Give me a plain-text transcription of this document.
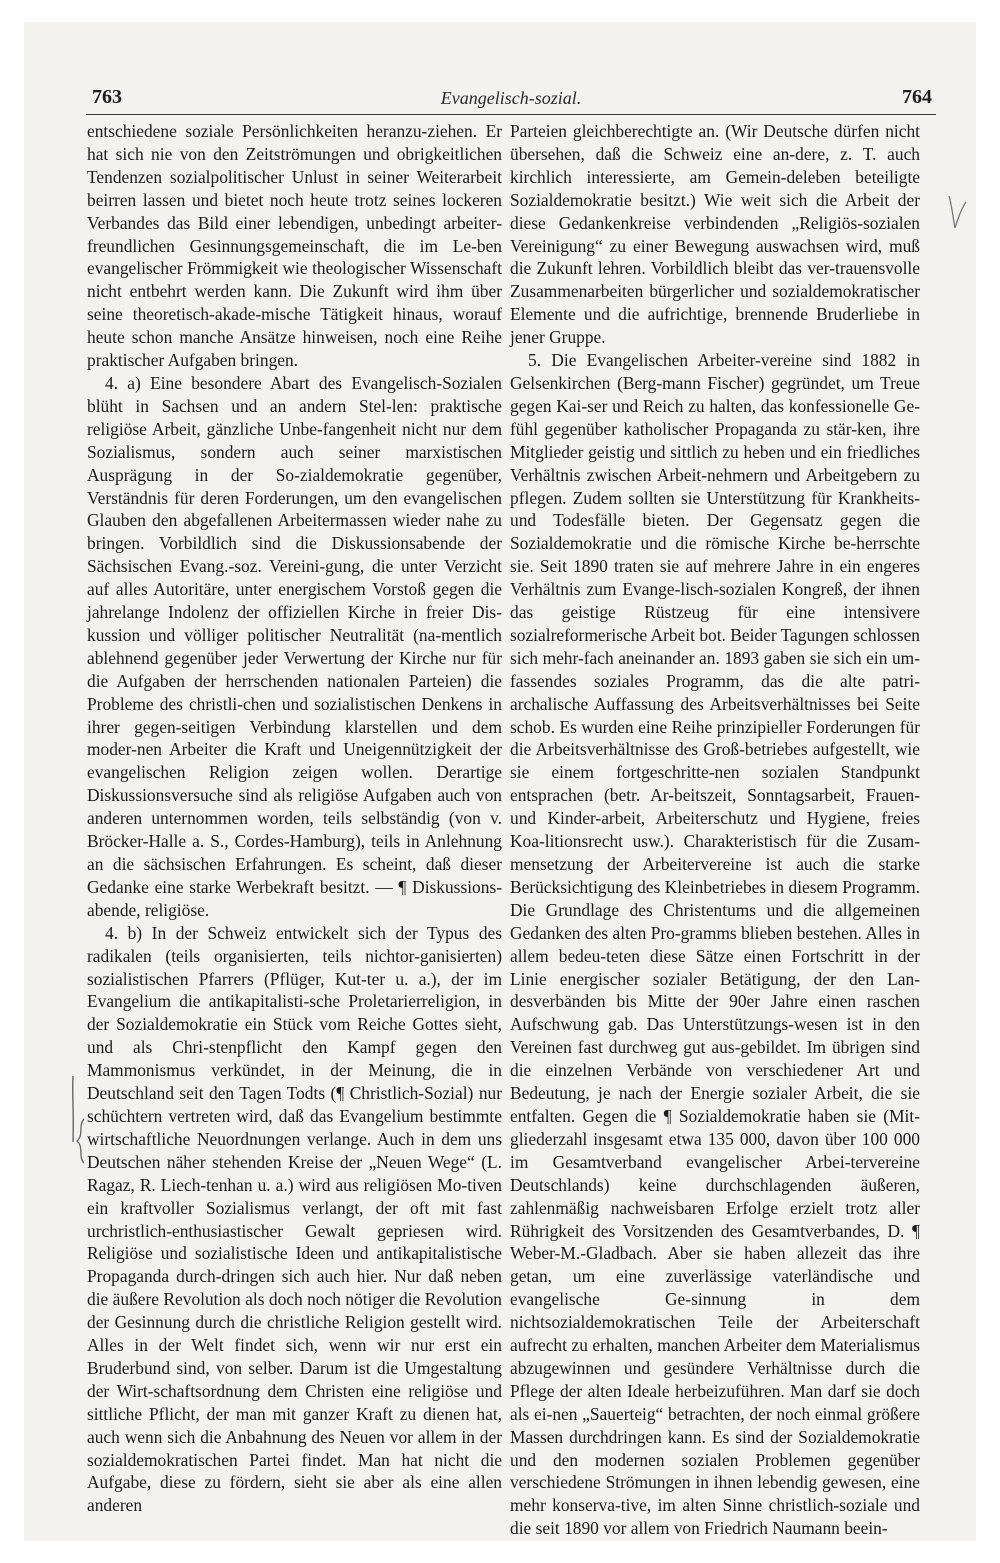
763	Evangelisch-sozial.	764

entschiedene soziale Persönlichkeiten heranzu-ziehen. Er hat sich nie von den Zeitströmungen und obrigkeitlichen Tendenzen sozialpolitischer Unlust in seiner Weiterarbeit beirren lassen und bietet noch heute trotz seines lockeren Verbandes das Bild einer lebendigen, unbedingt arbeiter-freundlichen Gesinnungsgemeinschaft, die im Le-ben evangelischer Frömmigkeit wie theologischer Wissenschaft nicht entbehrt werden kann. Die Zukunft wird ihm über seine theoretisch-akade-mische Tätigkeit hinaus, worauf heute schon manche Ansätze hinweisen, noch eine Reihe praktischer Aufgaben bringen.

4. a) Eine besondere Abart des Evangelisch-Sozialen blüht in Sachsen und an andern Stel-len: praktische religiöse Arbeit, gänzliche Unbe-fangenheit nicht nur dem Sozialismus, sondern auch seiner marxistischen Ausprägung in der So-zialdemokratie gegenüber, Verständnis für deren Forderungen, um den evangelischen Glauben den abgefallenen Arbeitermassen wieder nahe zu bringen. Vorbildlich sind die Diskussionsabende der Sächsischen Evang.-soz. Vereini-gung, die unter Verzicht auf alles Autoritäre, unter energischem Vorstoß gegen die jahrelange Indolenz der offiziellen Kirche in freier Dis-kussion und völliger politischer Neutralität (na-mentlich ablehnend gegenüber jeder Verwertung der Kirche nur für die Aufgaben der herrschenden nationalen Parteien) die Probleme des christli-chen und sozialistischen Denkens in ihrer gegen-seitigen Verbindung klarstellen und dem moder-nen Arbeiter die Kraft und Uneigennützigkeit der evangelischen Religion zeigen wollen. Derartige Diskussionsversuche sind als religiöse Aufgaben auch von anderen unternommen worden, teils selbständig (von v. Bröcker-Halle a. S., Cordes-Hamburg), teils in Anlehnung an die sächsischen Erfahrungen. Es scheint, daß dieser Gedanke eine starke Werbekraft besitzt. — ¶ Diskussions-abende, religiöse.

4. b) In der Schweiz entwickelt sich der Typus des radikalen (teils organisierten, teils nichtor-ganisierten) sozialistischen Pfarrers (Pflüger, Kut-ter u. a.), der im Evangelium die antikapitalisti-sche Proletarierreligion, in der Sozialdemokratie ein Stück vom Reiche Gottes sieht, und als Chri-stenpflicht den Kampf gegen den Mammonismus verkündet, in der Meinung, die in Deutschland seit den Tagen Todts (¶ Christlich-Sozial) nur schüchtern vertreten wird, daß das Evangelium bestimmte wirtschaftliche Neuordnungen verlange. Auch in dem uns Deutschen näher stehenden Kreise der „Neuen Wege“ (L. Ragaz, R. Liech-tenhan u. a.) wird aus religiösen Mo-tiven ein kraftvoller Sozialismus verlangt, der oft mit fast urchristlich-enthusiastischer Gewalt gepriesen wird. Religiöse und sozialistische Ideen und antikapitalistische Propaganda durch-dringen sich auch hier. Nur daß neben die äußere Revolution als doch noch nötiger die Revolution der Gesinnung durch die christliche Religion gestellt wird. Alles in der Welt findet sich, wenn wir nur erst ein Bruderbund sind, von selber. Darum ist die Umgestaltung der Wirt-schaftsordnung dem Christen eine religiöse und sittliche Pflicht, der man mit ganzer Kraft zu dienen hat, auch wenn sich die Anbahnung des Neuen vor allem in der sozialdemokratischen Partei findet. Man hat nicht die Aufgabe, diese zu fördern, sieht sie aber als eine allen anderen

Parteien gleichberechtigte an. (Wir Deutsche dürfen nicht übersehen, daß die Schweiz eine an-dere, z. T. auch kirchlich interessierte, am Gemein-deleben beteiligte Sozialdemokratie besitzt.) Wie weit sich die Arbeit der diese Gedankenkreise verbindenden „Religiös-sozialen Vereinigung“ zu einer Bewegung auswachsen wird, muß die Zukunft lehren. Vorbildlich bleibt das ver-trauensvolle Zusammenarbeiten bürgerlicher und sozialdemokratischer Elemente und die aufrichtige, brennende Bruderliebe in jener Gruppe.

5. Die Evangelischen Arbeiter-vereine sind 1882 in Gelsenkirchen (Berg-mann Fischer) gegründet, um Treue gegen Kai-ser und Reich zu halten, das konfessionelle Ge-fühl gegenüber katholischer Propaganda zu stär-ken, ihre Mitglieder geistig und sittlich zu heben und ein friedliches Verhältnis zwischen Arbeit-nehmern und Arbeitgebern zu pflegen. Zudem sollten sie Unterstützung für Krankheits- und Todesfälle bieten. Der Gegensatz gegen die Sozialdemokratie und die römische Kirche be-herrschte sie. Seit 1890 traten sie auf mehrere Jahre in ein engeres Verhältnis zum Evange-lisch-sozialen Kongreß, der ihnen das geistige Rüstzeug für eine intensivere sozialreformerische Arbeit bot. Beider Tagungen schlossen sich mehr-fach aneinander an. 1893 gaben sie sich ein um-fassendes soziales Programm, das die alte patri-archalische Auffassung des Arbeitsverhältnisses bei Seite schob. Es wurden eine Reihe prinzipieller Forderungen für die Arbeitsverhältnisse des Groß-betriebes aufgestellt, wie sie einem fortgeschritte-nen sozialen Standpunkt entsprachen (betr. Ar-beitszeit, Sonntagsarbeit, Frauen- und Kinder-arbeit, Arbeiterschutz und Hygiene, freies Koa-litionsrecht usw.). Charakteristisch für die Zusam-mensetzung der Arbeitervereine ist auch die starke Berücksichtigung des Kleinbetriebes in diesem Programm. Die Grundlage des Christentums und die allgemeinen Gedanken des alten Pro-gramms blieben bestehen. Alles in allem bedeu-teten diese Sätze einen Fortschritt in der Linie energischer sozialer Betätigung, der den Lan-desverbänden bis Mitte der 90er Jahre einen raschen Aufschwung gab. Das Unterstützungs-wesen ist in den Vereinen fast durchweg gut aus-gebildet. Im übrigen sind die einzelnen Verbände von verschiedener Art und Bedeutung, je nach der Energie sozialer Arbeit, die sie entfalten. Gegen die ¶ Sozialdemokratie haben sie (Mit-gliederzahl insgesamt etwa 135 000, davon über 100 000 im Gesamtverband evangelischer Arbei-tervereine Deutschlands) keine durchschlagenden äußeren, zahlenmäßig nachweisbaren Erfolge erzielt trotz aller Rührigkeit des Vorsitzenden des Gesamtverbandes, D. ¶ Weber-M.-Gladbach. Aber sie haben allezeit das ihre getan, um eine zuverlässige vaterländische und evangelische Ge-sinnung in dem nichtsozialdemokratischen Teile der Arbeiterschaft aufrecht zu erhalten, manchen Arbeiter dem Materialismus abzugewinnen und gesündere Verhältnisse durch die Pflege der alten Ideale herbeizuführen. Man darf sie doch als ei-nen „Sauerteig“ betrachten, der noch einmal größere Massen durchdringen kann. Es sind der Sozialdemokratie und den modernen sozialen Problemen gegenüber verschiedene Strömungen in ihnen lebendig gewesen, eine mehr konserva-tive, im alten Sinne christlich-soziale und die seit 1890 vor allem von Friedrich Naumann beein-
